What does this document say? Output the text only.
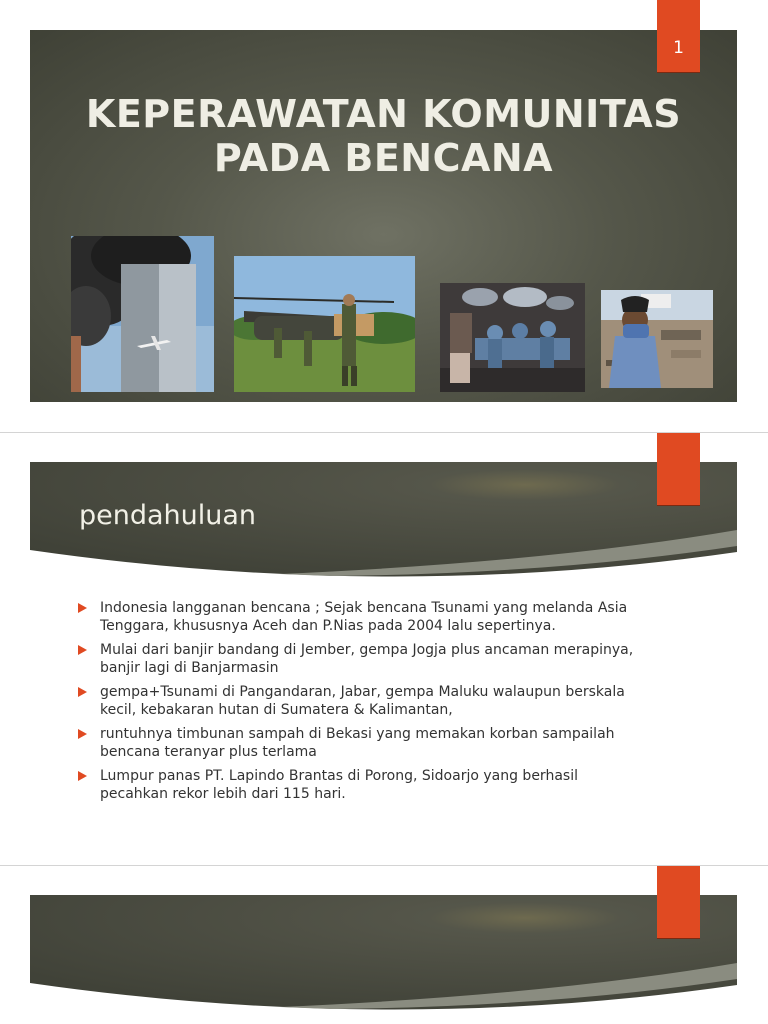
1
KEPERAWATAN KOMUNITAS
PADA BENCANA
pendahuluan
Indonesia langganan bencana ; Sejak bencana Tsunami yang melanda Asia Tenggara, khususnya Aceh dan P.Nias pada 2004 lalu sepertinya.
Mulai dari banjir bandang di Jember, gempa Jogja plus ancaman merapinya, banjir lagi di Banjarmasin
gempa+Tsunami di Pangandaran, Jabar, gempa Maluku walaupun berskala kecil, kebakaran hutan di Sumatera & Kalimantan,
runtuhnya timbunan sampah di Bekasi yang memakan korban sampailah bencana teranyar plus terlama
Lumpur panas PT. Lapindo Brantas di Porong, Sidoarjo yang berhasil pecahkan rekor lebih dari 115 hari.
